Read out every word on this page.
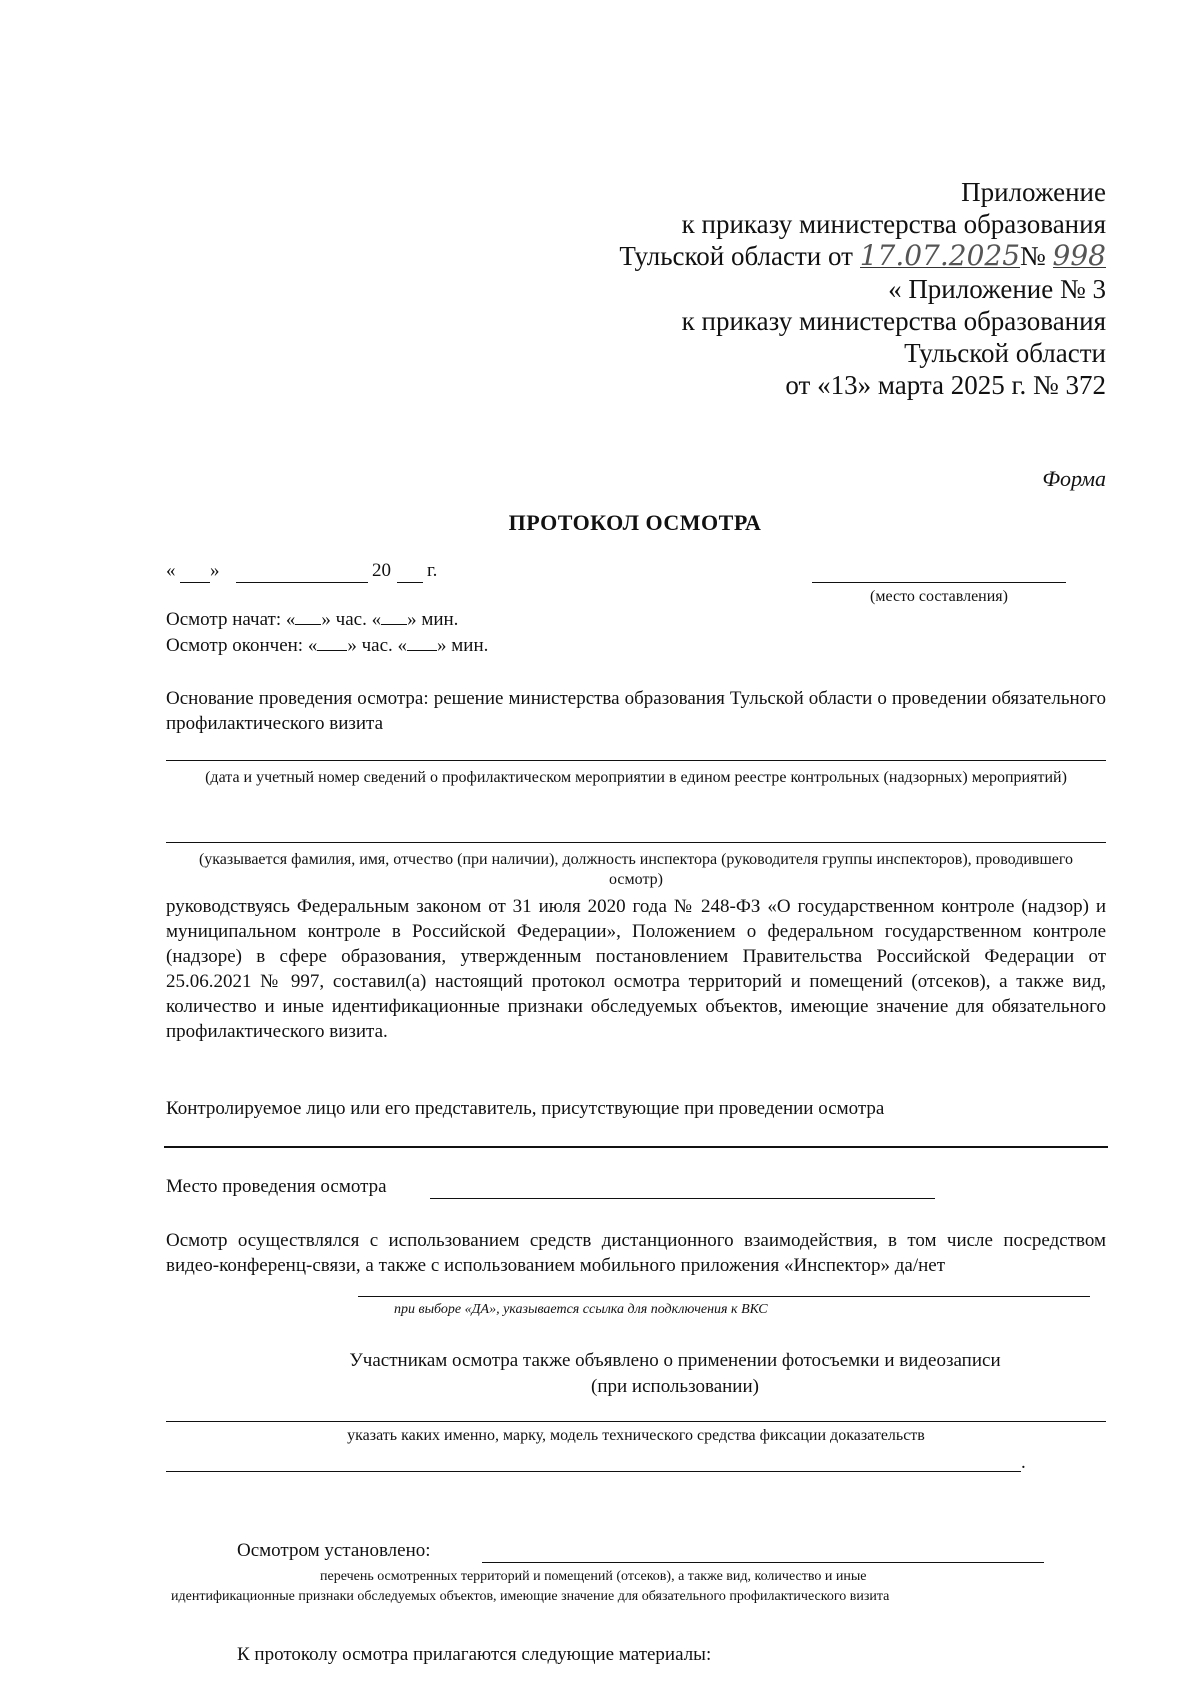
Приложение
к приказу министерства образования
Тульской области от 17.07.2025
№ 998
« Приложение № 3
к приказу министерства образования
Тульской области
от «13» марта 2025 г. № 372
Форма
ПРОТОКОЛ ОСМОТРА
« »	20 г.
(место составления)
Осмотр начат: « » час. « » мин.
Осмотр окончен: « » час. « » мин.
Основание проведения осмотра: решение министерства образования Тульской области о проведении обязательного профилактического визита
(дата и учетный номер сведений о профилактическом мероприятии в едином реестре контрольных (надзорных) мероприятий)
(указывается фамилия, имя, отчество (при наличии), должность инспектора (руководителя группы инспекторов), проводившего осмотр)
руководствуясь Федеральным законом от 31 июля 2020 года № 248-ФЗ «О государственном контроле (надзор) и муниципальном контроле в Российской Федерации», Положением о федеральном государственном контроле (надзоре) в сфере образования, утвержденным постановлением Правительства Российской Федерации от 25.06.2021 № 997, составил(а) настоящий протокол осмотра территорий и помещений (отсеков), а также вид, количество и иные идентификационные признаки обследуемых объектов, имеющие значение для обязательного профилактического визита.
Контролируемое лицо или его представитель, присутствующие при проведении осмотра
Место проведения осмотра
Осмотр осуществлялся с использованием средств дистанционного взаимодействия, в том числе посредством видео-конференц-связи, а также с использованием мобильного приложения «Инспектор» да/нет
при выборе «ДА», указывается ссылка для подключения к ВКС
Участникам осмотра также объявлено о применении фотосъемки и видеозаписи
(при использовании)
указать каких именно, марку, модель технического средства фиксации доказательств
.
Осмотром установлено:
перечень осмотренных территорий и помещений (отсеков), а также вид, количество и иные
идентификационные признаки обследуемых объектов, имеющие значение для обязательного профилактического визита
К протоколу осмотра прилагаются следующие материалы:
